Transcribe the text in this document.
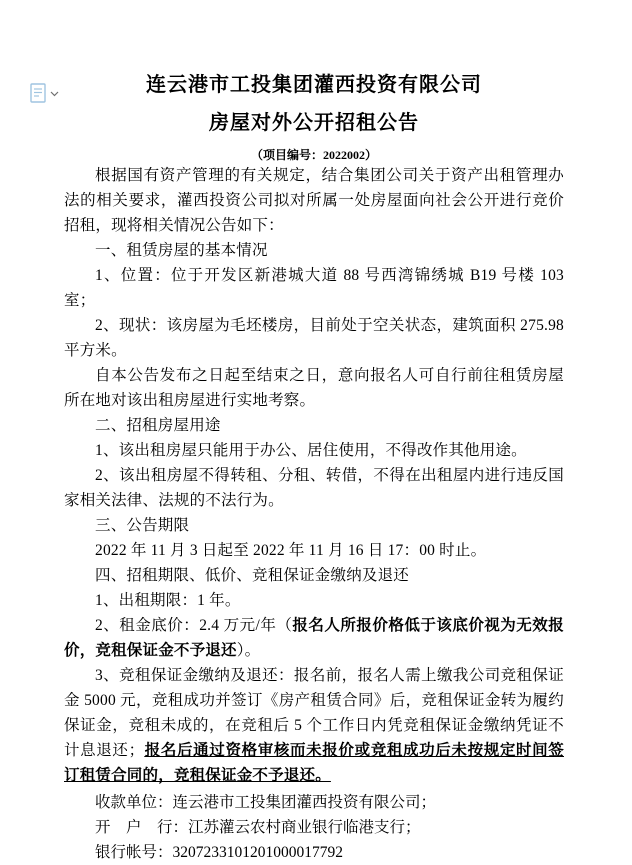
连云港市工投集团灌西投资有限公司
房屋对外公开招租公告
（项目编号：2022002）

根据国有资产管理的有关规定，结合集团公司关于资产出租管理办法的相关要求，灌西投资公司拟对所属一处房屋面向社会公开进行竞价招租，现将相关情况公告如下：

一、租赁房屋的基本情况

1、位置：位于开发区新港城大道 88 号西湾锦绣城 B19 号楼 103 室；

2、现状：该房屋为毛坯楼房，目前处于空关状态，建筑面积 275.98 平方米。

自本公告发布之日起至结束之日，意向报名人可自行前往租赁房屋所在地对该出租房屋进行实地考察。

二、招租房屋用途

1、该出租房屋只能用于办公、居住使用，不得改作其他用途。

2、该出租房屋不得转租、分租、转借，不得在出租屋内进行违反国家相关法律、法规的不法行为。

三、公告期限

2022 年 11 月 3 日起至 2022 年 11 月 16 日 17：00 时止。

四、招租期限、低价、竞租保证金缴纳及退还

1、出租期限：1 年。

2、租金底价：2.4 万元/年（报名人所报价格低于该底价视为无效报价，竞租保证金不予退还）。

3、竞租保证金缴纳及退还：报名前，报名人需上缴我公司竞租保证金 5000 元，竞租成功并签订《房产租赁合同》后，竞租保证金转为履约保证金，竞租未成的，在竞租后 5 个工作日内凭竞租保证金缴纳凭证不计息退还；报名后通过资格审核而未报价或竞租成功后未按规定时间签订租赁合同的，竞租保证金不予退还。

收款单位：连云港市工投集团灌西投资有限公司；
开　户　行：江苏灌云农村商业银行临港支行；
银行帐号：3207233101201000017792
